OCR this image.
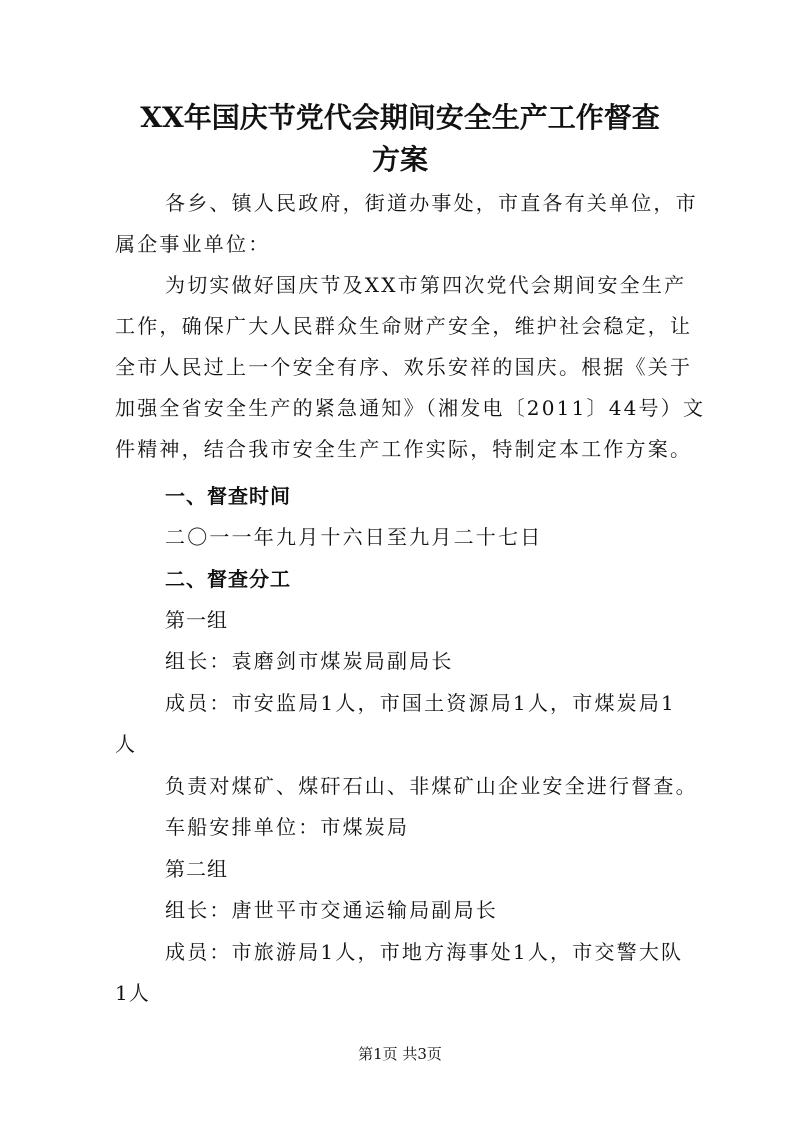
XX年国庆节党代会期间安全生产工作督查
方案
各乡、镇人民政府，街道办事处，市直各有关单位，市
属企事业单位：
为切实做好国庆节及XX市第四次党代会期间安全生产
工作，确保广大人民群众生命财产安全，维护社会稳定，让
全市人民过上一个安全有序、欢乐安祥的国庆。根据《关于
加强全省安全生产的紧急通知》（湘发电〔2011〕44号）文
件精神，结合我市安全生产工作实际，特制定本工作方案。
一、督查时间
二〇一一年九月十六日至九月二十七日
二、督查分工
第一组
组长：袁磨剑市煤炭局副局长
成员：市安监局1人，市国土资源局1人，市煤炭局1
人
负责对煤矿、煤矸石山、非煤矿山企业安全进行督查。
车船安排单位：市煤炭局
第二组
组长：唐世平市交通运输局副局长
成员：市旅游局1人，市地方海事处1人，市交警大队
1人
第1页 共3页
